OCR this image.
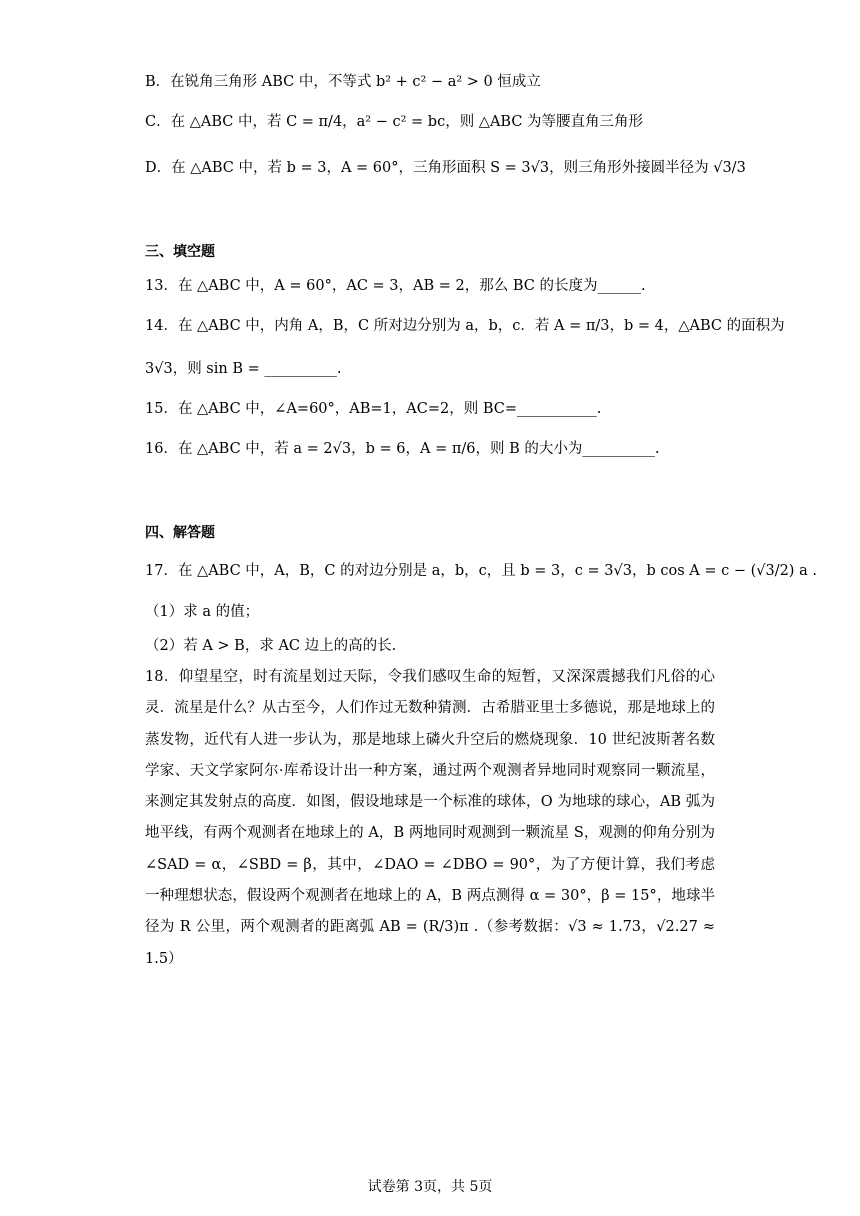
B．在锐角三角形 ABC 中，不等式 b² + c² − a² > 0 恒成立
C．在 △ABC 中，若 C = π/4，a² − c² = bc，则 △ABC 为等腰直角三角形
D．在 △ABC 中，若 b = 3，A = 60°，三角形面积 S = 3√3，则三角形外接圆半径为 √3/3
三、填空题
13．在 △ABC 中，A = 60°，AC = 3，AB = 2，那么 BC 的长度为______.
14．在 △ABC 中，内角 A，B，C 所对边分别为 a，b，c．若 A = π/3，b = 4，△ABC 的面积为
3√3，则 sin B = __________.
15．在 △ABC 中，∠A=60°，AB=1，AC=2，则 BC=___________.
16．在 △ABC 中，若 a = 2√3，b = 6，A = π/6，则 B 的大小为__________.
四、解答题
17．在 △ABC 中，A，B，C 的对边分别是 a，b，c，且 b = 3，c = 3√3，b cos A = c − (√3/2) a .
（1）求 a 的值；
（2）若 A > B，求 AC 边上的高的长.
18．仰望星空，时有流星划过天际，令我们感叹生命的短暂，又深深震撼我们凡俗的心灵．流星是什么？从古至今，人们作过无数种猜测．古希腊亚里士多德说，那是地球上的蒸发物，近代有人进一步认为，那是地球上磷火升空后的燃烧现象．10 世纪波斯著名数学家、天文学家阿尔·库希设计出一种方案，通过两个观测者异地同时观察同一颗流星，来测定其发射点的高度．如图，假设地球是一个标准的球体，O 为地球的球心，AB 弧为地平线，有两个观测者在地球上的 A，B 两地同时观测到一颗流星 S，观测的仰角分别为 ∠SAD = α，∠SBD = β，其中，∠DAO = ∠DBO = 90°，为了方便计算，我们考虑一种理想状态，假设两个观测者在地球上的 A，B 两点测得 α = 30°，β = 15°，地球半径为 R 公里，两个观测者的距离弧 AB = (R/3)π .（参考数据：√3 ≈ 1.73，√2.27 ≈ 1.5）
试卷第 3页，共 5页
